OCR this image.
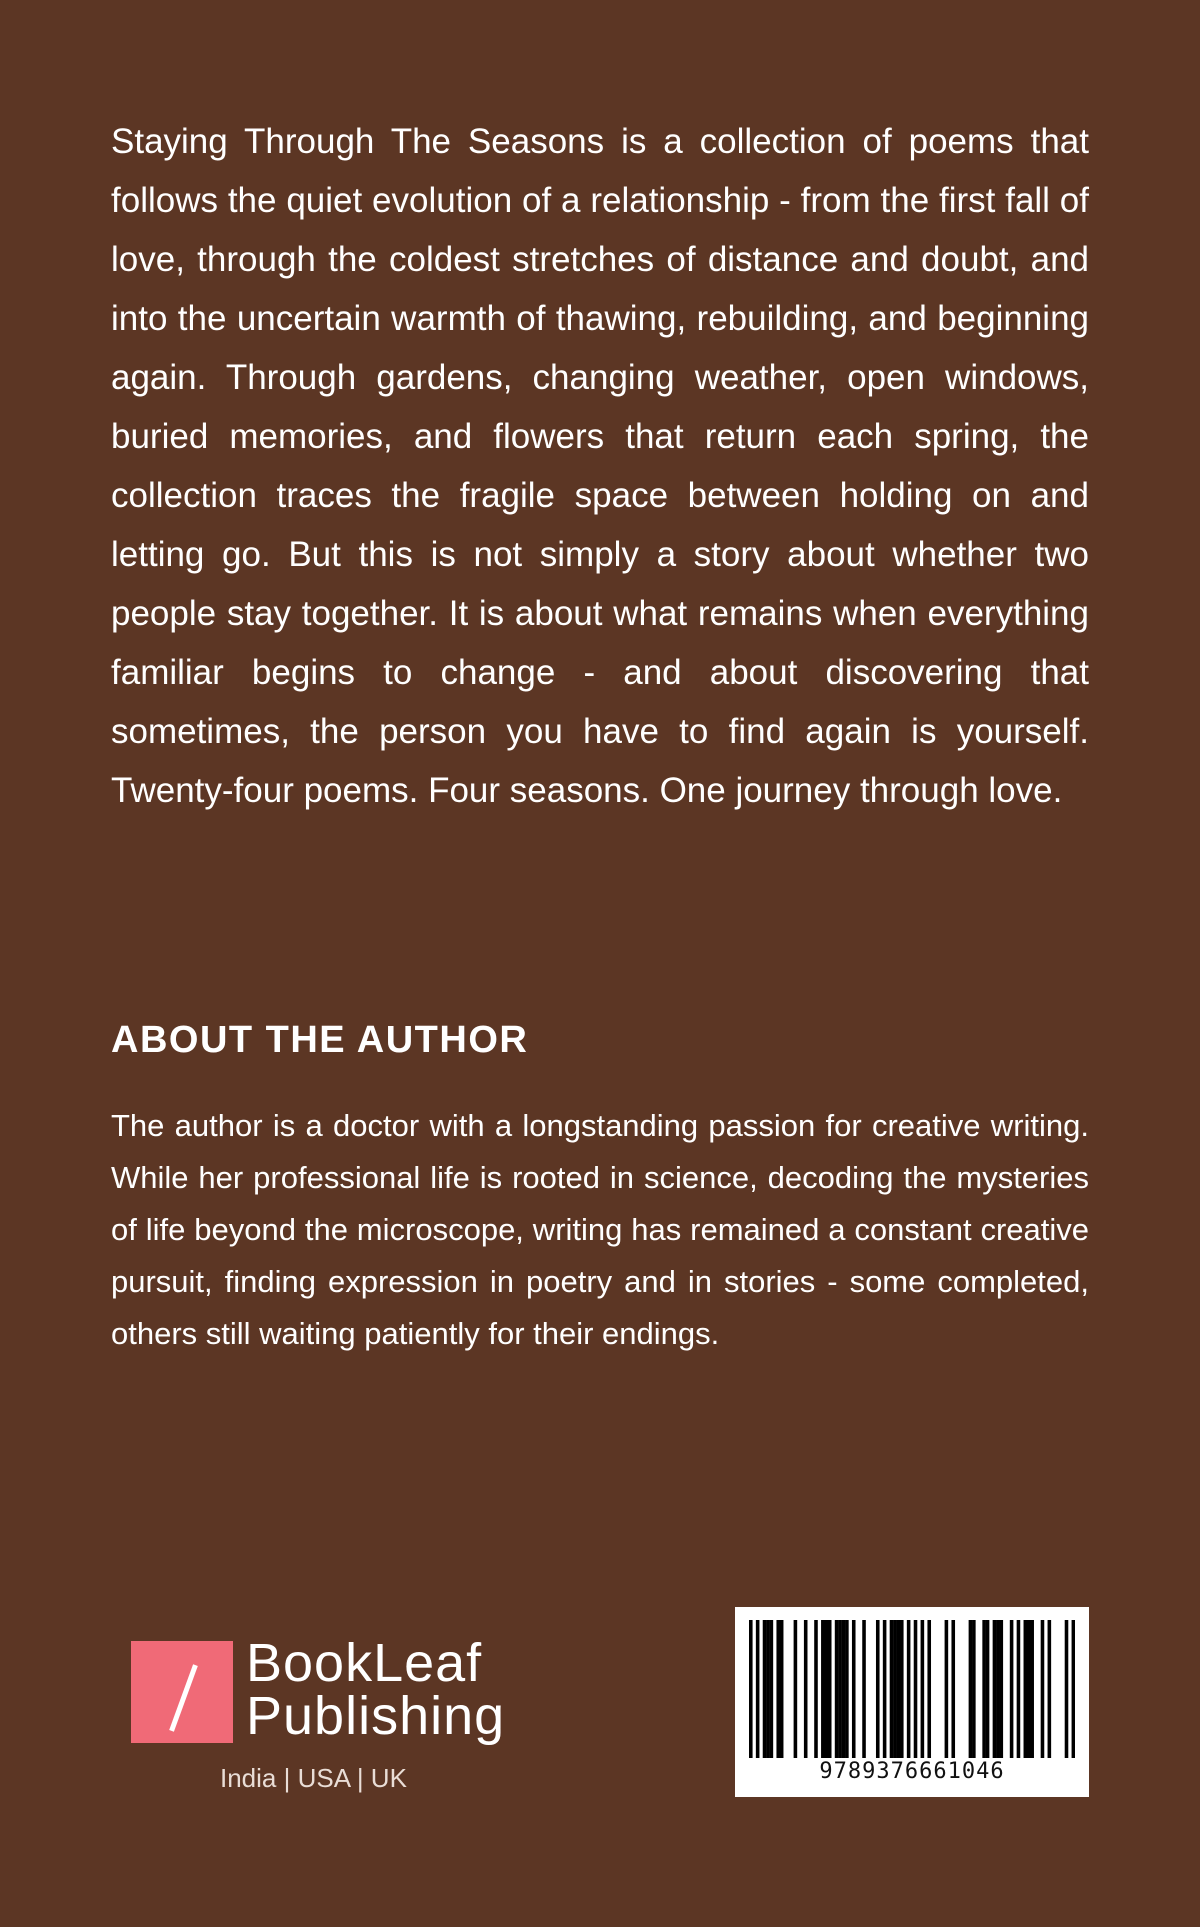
Staying Through The Seasons is a collection of poems that follows the quiet evolution of a relationship - from the first fall of love, through the coldest stretches of distance and doubt, and into the uncertain warmth of thawing, rebuilding, and beginning again. Through gardens, changing weather, open windows, buried memories, and flowers that return each spring, the collection traces the fragile space between holding on and letting go. But this is not simply a story about whether two people stay together. It is about what remains when everything familiar begins to change - and about discovering that sometimes, the person you have to find again is yourself. Twenty-four poems. Four seasons. One journey through love.

ABOUT THE AUTHOR

The author is a doctor with a longstanding passion for creative writing. While her professional life is rooted in science, decoding the mysteries of life beyond the microscope, writing has remained a constant creative pursuit, finding expression in poetry and in stories - some completed, others still waiting patiently for their endings.

BookLeaf
Publishing
India | USA | UK	9789376661046
